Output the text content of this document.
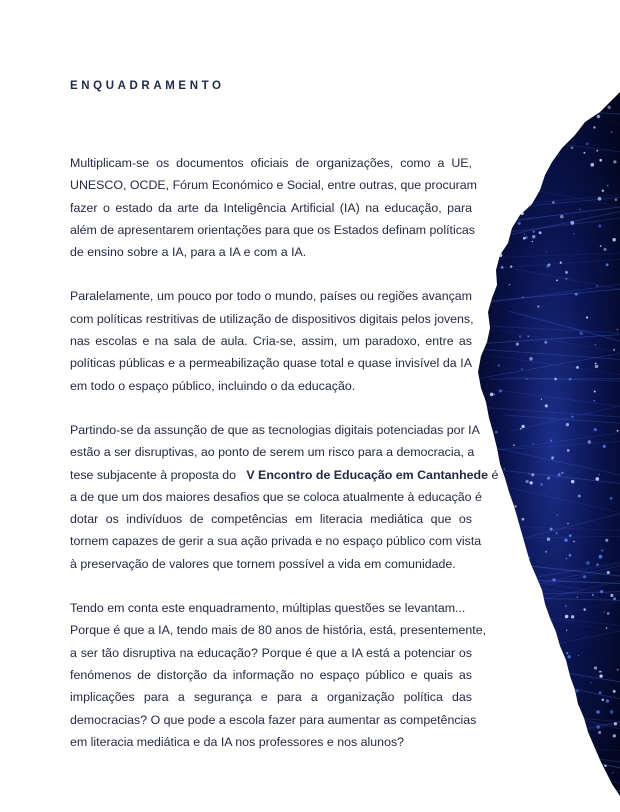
ENQUADRAMENTO

Multiplicam-se os documentos oficiais de organizações, como a UE,
UNESCO, OCDE, Fórum Económico e Social, entre outras, que procuram
fazer o estado da arte da Inteligência Artificial (IA) na educação, para
além de apresentarem orientações para que os Estados definam políticas
de ensino sobre a IA, para a IA e com a IA.

Paralelamente, um pouco por todo o mundo, países ou regiões avançam
com políticas restritivas de utilização de dispositivos digitais pelos jovens,
nas escolas e na sala de aula. Cria-se, assim, um paradoxo, entre as
políticas públicas e a permeabilização quase total e quase invisível da IA
em todo o espaço público, incluindo o da educação.

Partindo-se da assunção de que as tecnologias digitais potenciadas por IA
estão a ser disruptivas, ao ponto de serem um risco para a democracia, a
tese subjacente à proposta do V Encontro de Educação em Cantanhede é
a de que um dos maiores desafios que se coloca atualmente à educação é
dotar os indivíduos de competências em literacia mediática que os
tornem capazes de gerir a sua ação privada e no espaço público com vista
à preservação de valores que tornem possível a vida em comunidade.

Tendo em conta este enquadramento, múltiplas questões se levantam...
Porque é que a IA, tendo mais de 80 anos de história, está, presentemente,
a ser tão disruptiva na educação? Porque é que a IA está a potenciar os
fenómenos de distorção da informação no espaço público e quais as
implicações para a segurança e para a organização política das
democracias? O que pode a escola fazer para aumentar as competências
em literacia mediática e da IA nos professores e nos alunos?
